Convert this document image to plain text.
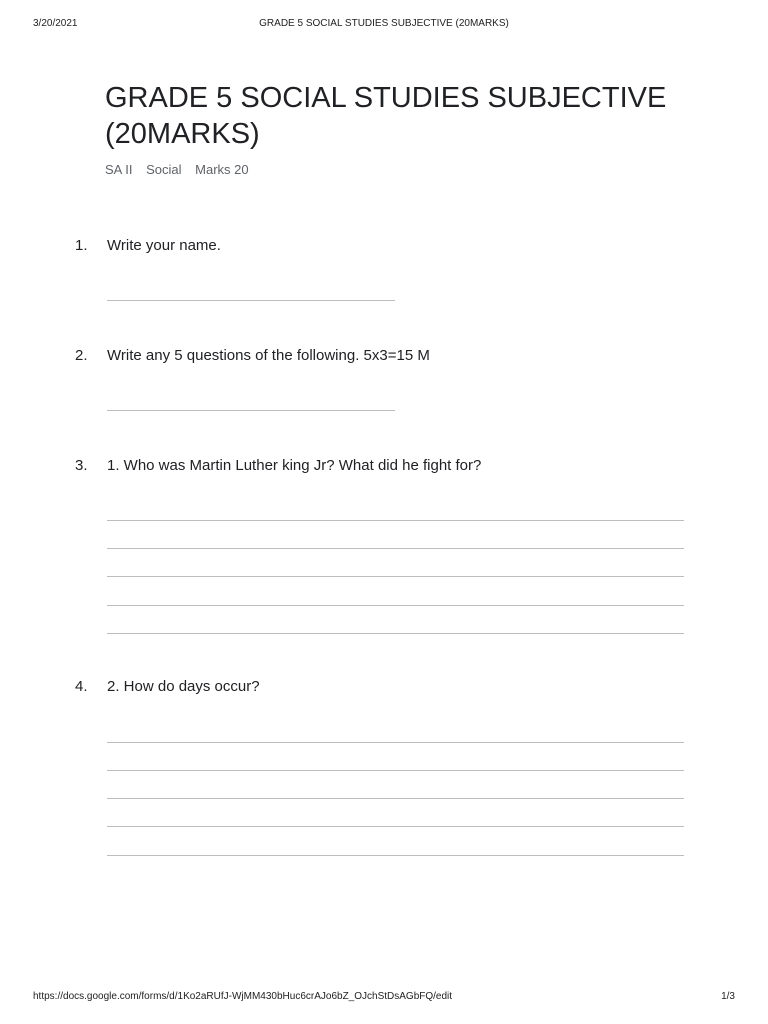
3/20/2021	GRADE 5 SOCIAL STUDIES SUBJECTIVE (20MARKS)
GRADE 5 SOCIAL STUDIES SUBJECTIVE (20MARKS)
SA II Social Marks 20
1. Write your name.
2. Write any 5 questions of the following. 5x3=15 M
3. 1. Who was Martin Luther king Jr? What did he fight for?
4. 2. How do days occur?
https://docs.google.com/forms/d/1Ko2aRUfJ-WjMM430bHuc6crAJo6bZ_OJchStDsAGbFQ/edit	1/3
